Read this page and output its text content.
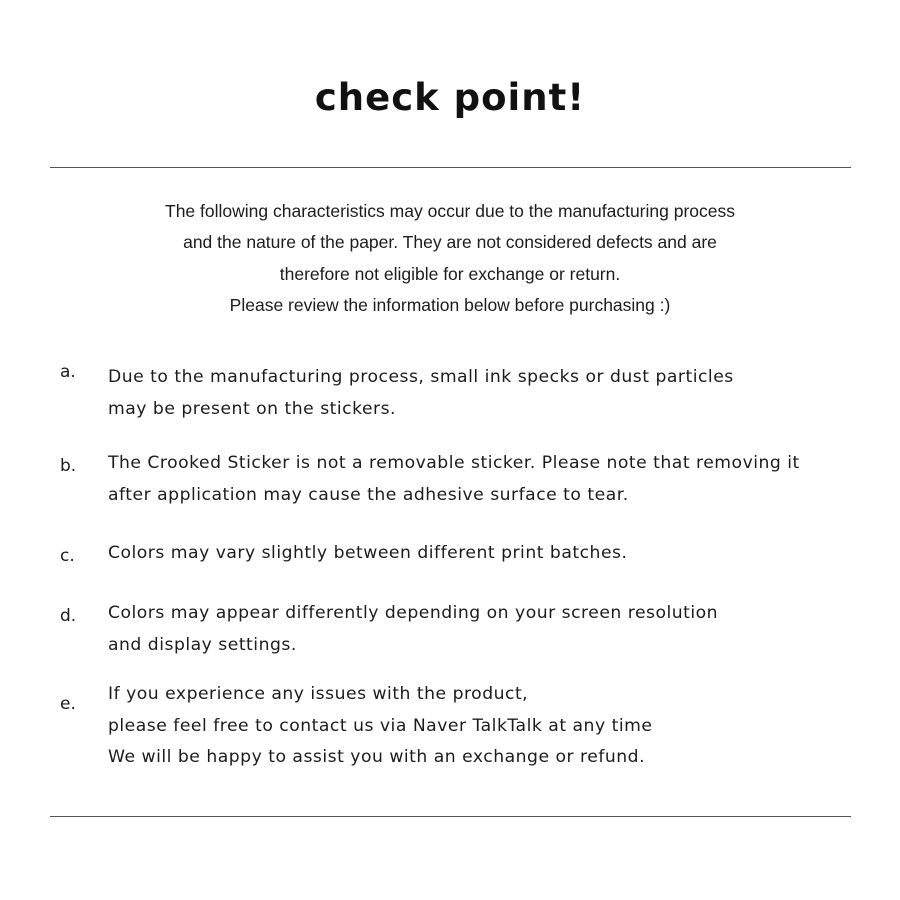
check point!
The following characteristics may occur due to the manufacturing process
and the nature of the paper. They are not considered defects and are
therefore not eligible for exchange or return.
Please review the information below before purchasing :)
a. Due to the manufacturing process, small ink specks or dust particles
may be present on the stickers.
b. The Crooked Sticker is not a removable sticker. Please note that removing it
after application may cause the adhesive surface to tear.
c. Colors may vary slightly between different print batches.
d. Colors may appear differently depending on your screen resolution
and display settings.
e. If you experience any issues with the product,
please feel free to contact us via Naver TalkTalk at any time
We will be happy to assist you with an exchange or refund.
